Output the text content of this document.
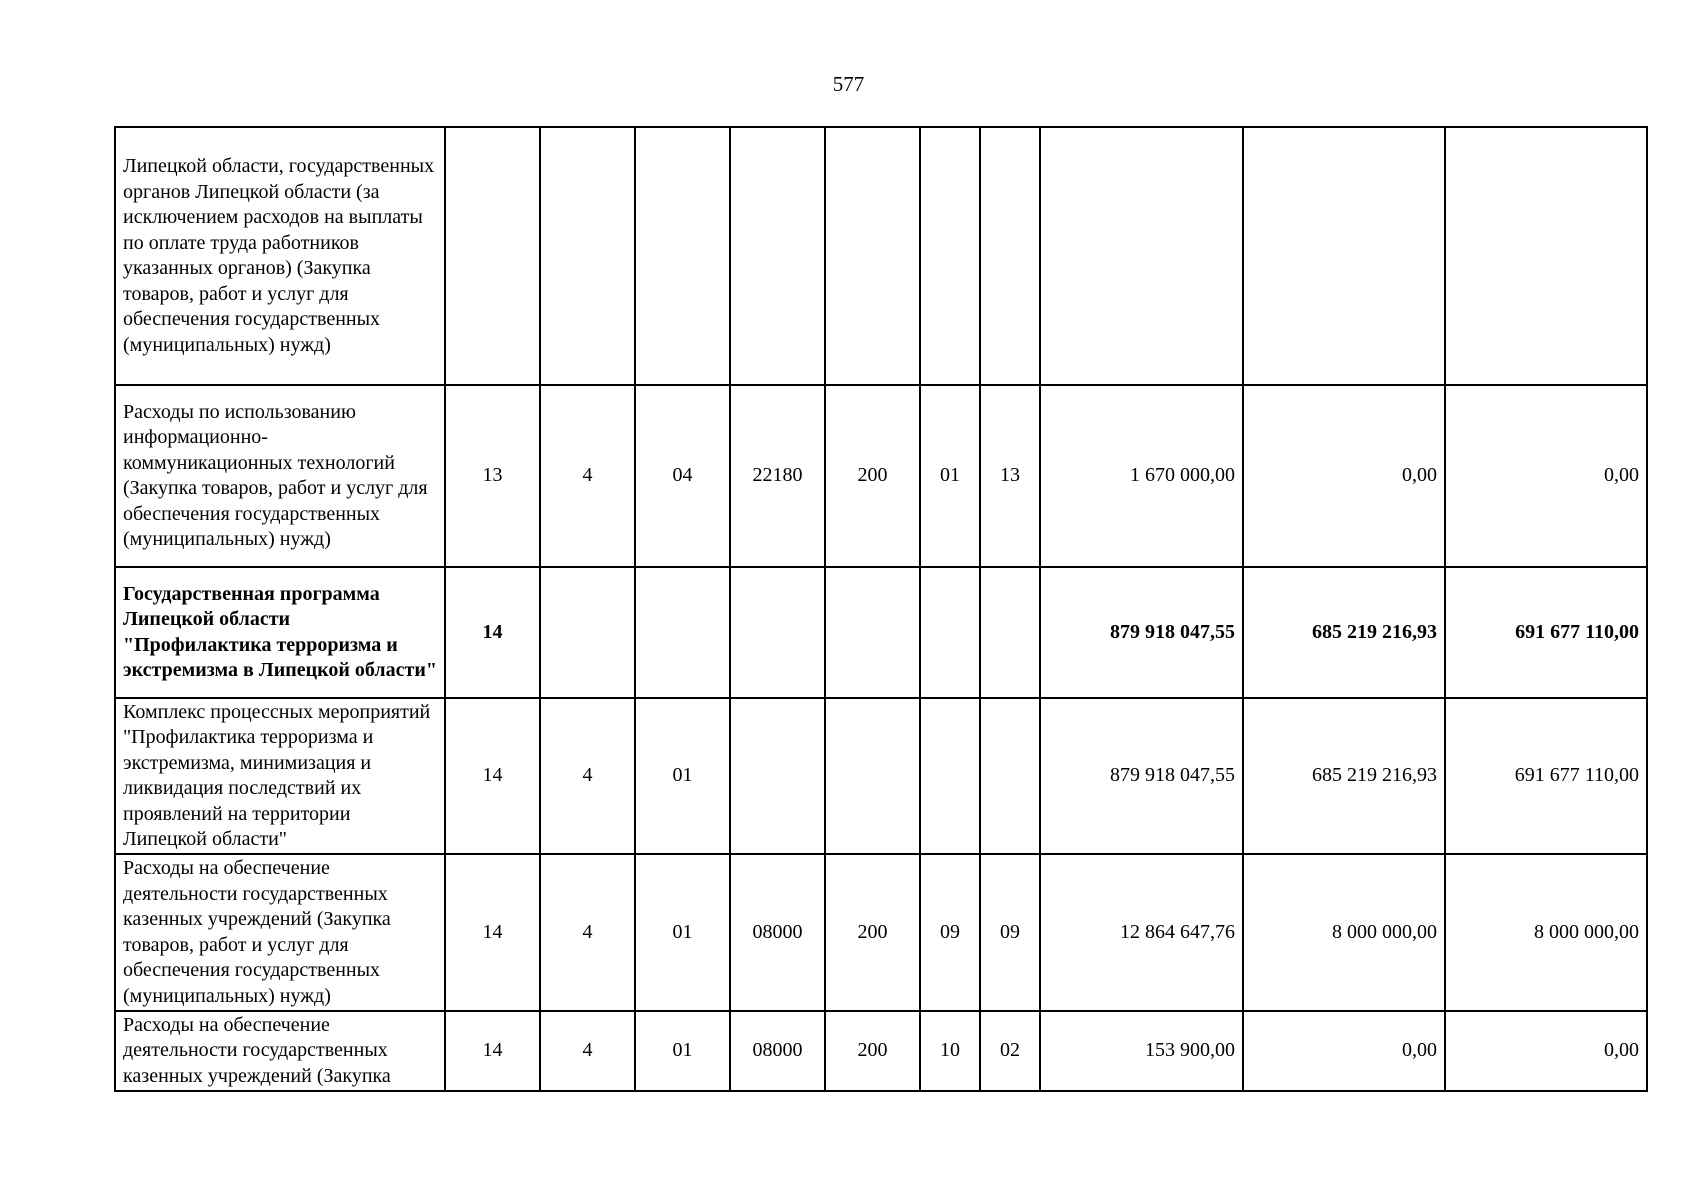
577
Липецкой области, государственных органов Липецкой области (за исключением расходов на выплаты по оплате труда работников указанных органов) (Закупка товаров, работ и услуг для обеспечения государственных (муниципальных) нужд)										
Расходы по использованию информационно-коммуникационных технологий (Закупка товаров, работ и услуг для обеспечения государственных (муниципальных) нужд)	13	4	04	22180	200	01	13	1 670 000,00	0,00	0,00
Государственная программа Липецкой области "Профилактика терроризма и экстремизма в Липецкой области"	14							879 918 047,55	685 219 216,93	691 677 110,00
Комплекс процессных мероприятий "Профилактика терроризма и экстремизма, минимизация и ликвидация последствий их проявлений на территории Липецкой области"	14	4	01					879 918 047,55	685 219 216,93	691 677 110,00
Расходы на обеспечение деятельности государственных казенных учреждений (Закупка товаров, работ и услуг для обеспечения государственных (муниципальных) нужд)	14	4	01	08000	200	09	09	12 864 647,76	8 000 000,00	8 000 000,00
Расходы на обеспечение деятельности государственных казенных учреждений (Закупка	14	4	01	08000	200	10	02	153 900,00	0,00	0,00
